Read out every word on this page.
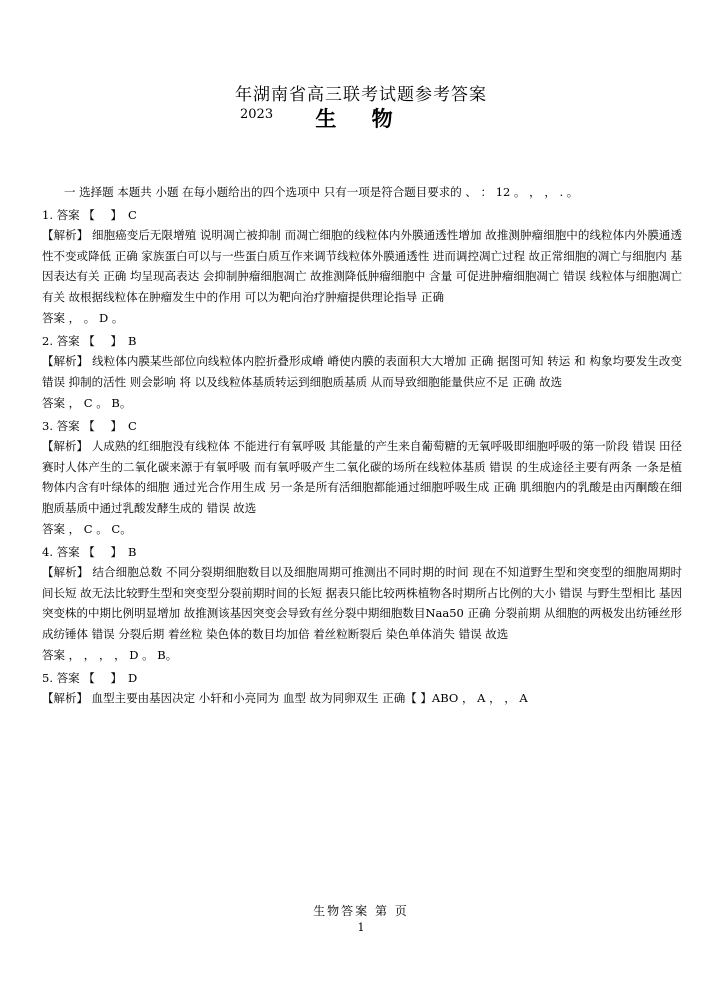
年湖南省高三联考试题参考答案
2023	生 物
一 选择题 本题共 小题 在每小题给出的四个选项中 只有一项是符合题目要求的 、 ： 12 。 ， ， . 。
1. 答案 【 】C
【解析】 细胞癌变后无限增殖 说明凋亡被抑制 而凋亡细胞的线粒体内外膜通透性增加 故推测肿瘤细胞中的线粒体内外膜通透性不变或降低 正确 家族蛋白可以与一些蛋白质互作来调节线粒体外膜通透性 进而调控凋亡过程 故正常细胞的凋亡与细胞内 基因表达有关 正确 均呈现高表达 会抑制肿瘤细胞凋亡 故推测降低肿瘤细胞中 含量 可促进肿瘤细胞凋亡 错误 线粒体与细胞凋亡有关 故根据线粒体在肿瘤发生中的作用 可以为靶向治疗肿瘤提供理论指导 正确
答案 ， 。 D 。
2. 答案 【 】B
【解析】 线粒体内膜某些部位向线粒体内腔折叠形成嵴 嵴使内膜的表面积大大增加 正确 据图可知 转运 和 构象均要发生改变 错误 抑制的活性 则会影响 将 以及线粒体基质转运到细胞质基质 从而导致细胞能量供应不足 正确 故选
答案 ， C 。 B。
3. 答案 【 】C
【解析】 人成熟的红细胞没有线粒体 不能进行有氧呼吸 其能量的产生来自葡萄糖的无氧呼吸即细胞呼吸的第一阶段 错误 田径赛时人体产生的二氧化碳来源于有氧呼吸 而有氧呼吸产生二氧化碳的场所在线粒体基质 错误 的生成途径主要有两条 一条是植物体内含有叶绿体的细胞 通过光合作用生成 另一条是所有活细胞都能通过细胞呼吸生成 正确 肌细胞内的乳酸是由丙酮酸在细胞质基质中通过乳酸发酵生成的 错误 故选
答案 ， C 。 C。
4. 答案 【 】B
【解析】 结合细胞总数 不同分裂期细胞数目以及细胞周期可推测出不同时期的时间 现在不知道野生型和突变型的细胞周期时间长短 故无法比较野生型和突变型分裂前期时间的长短 据表只能比较两株植物各时期所占比例的大小 错误 与野生型相比 基因突变株的中期比例明显增加 故推测该基因突变会导致有丝分裂中期细胞数目Naa50 正确 分裂前期 从细胞的两极发出纺锤丝形成纺锤体 错误 分裂后期 着丝粒 染色体的数目均加倍 着丝粒断裂后 染色单体消失 错误 故选
答案 ， ， ， ， D 。 B。
5. 答案 【 】D
【解析】 血型主要由基因决定 小轩和小亮同为 血型 故为同卵双生 正确【 】ABO ， A ， ， A
生物答案 第 页
1
